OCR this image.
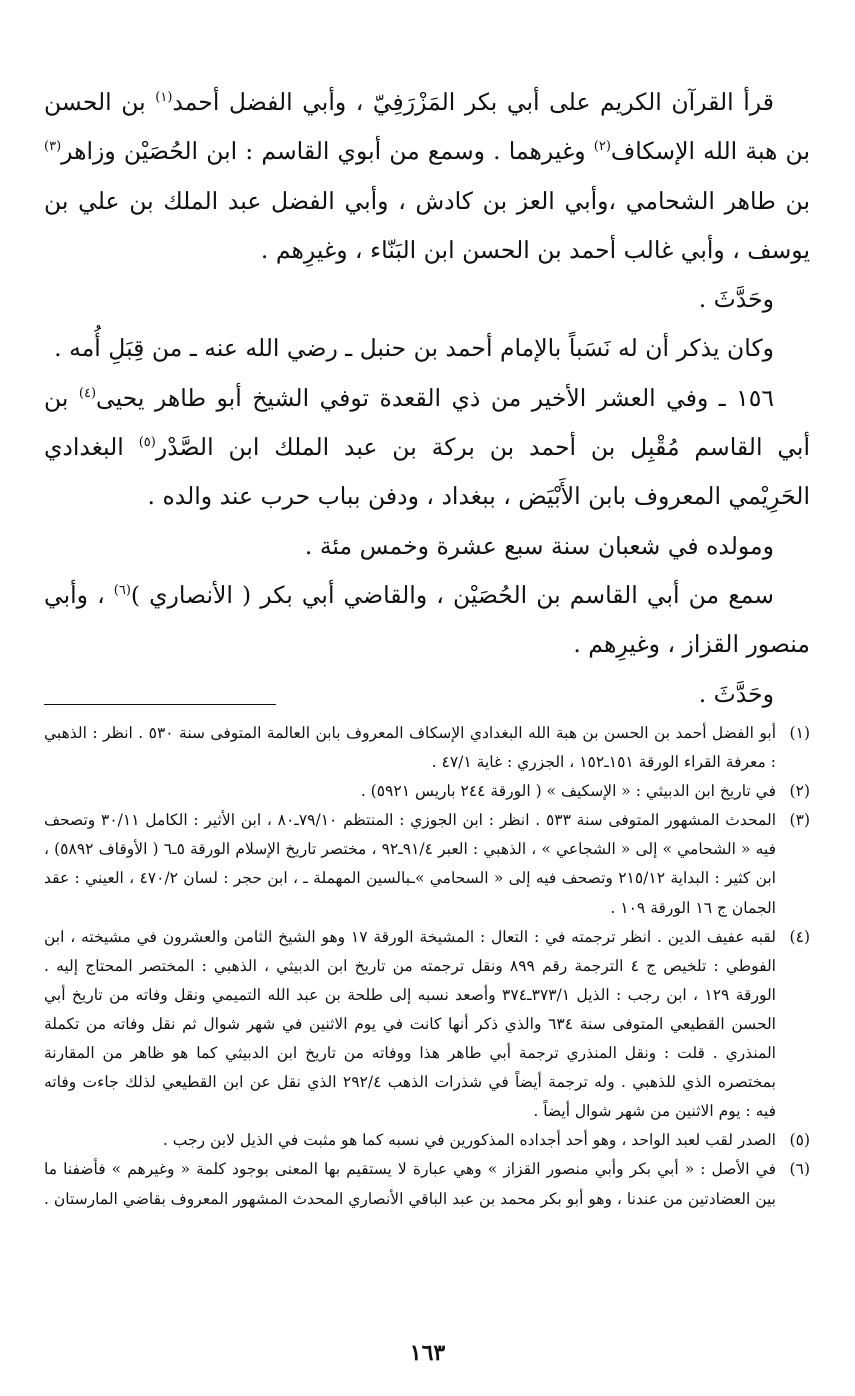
قرأ القرآن الكريم على أبي بكر المَزْرَفِيّ ، وأبي الفضل أحمد$^{(١)}$ بن الحسن بن هبة الله الإسكاف$^{(٢)}$ وغيرهما . وسمع من أبوي القاسم : ابن الحُصَيْن وزاهر$^{(٣)}$ بن طاهر الشحامي ،وأبي العز بن كادش ، وأبي الفضل عبد الملك بن علي بن يوسف ، وأبي غالب أحمد بن الحسن ابن البَنّاء ، وغيرِهم .

وحَدَّثَ .

وكان يذكر أن له نَسَباً بالإمام أحمد بن حنبل ـ رضي الله عنه ـ من قِبَلِ أُمه .

١٥٦ ـ وفي العشر الأخير من ذي القعدة توفي الشيخ أبو طاهر يحيى$^{(٤)}$ بن أبي القاسم مُقْبِل بن أحمد بن بركة بن عبد الملك ابن الصَّدْر$^{(٥)}$ البغدادي الحَرِيْمي المعروف بابن الأَبْيَض ، ببغداد ، ودفن بباب حرب عند والده .

ومولده في شعبان سنة سبع عشرة وخمس مئة .

سمع من أبي القاسم بن الحُصَيْن ، والقاضي أبي بكر ( الأنصاري )$^{(٦)}$ ، وأبي منصور القزاز ، وغيرِهم .

وحَدَّثَ .

(١)
أبو الفضل أحمد بن الحسن بن هبة الله البغدادي الإسكاف المعروف بابن العالمة المتوفى سنة ٥٣٠ . انظر : الذهبي : معرفة القراء الورقة ١٥١ـ١٥٢ ، الجزري : غاية ٤٧/١ .
(٢)
في تاريخ ابن الدبيثي : « الإسكيف » ( الورقة ٢٤٤ باريس ٥٩٢١) .
(٣)
المحدث المشهور المتوفى سنة ٥٣٣ . انظر : ابن الجوزي : المنتظم ٧٩/١٠ـ٨٠ ، ابن الأثير : الكامل ٣٠/١١ وتصحف فيه « الشحامي » إلى « الشجاعي » ، الذهبي : العبر ٩١/٤ـ٩٢ ، مختصر تاريخ الإسلام الورقة ٥ـ٦ ( الأوقاف ٥٨٩٢) ، ابن كثير : البداية ٢١٥/١٢ وتصحف فيه إلى « السحامي »ـبالسين المهملة ـ ، ابن حجر : لسان ٤٧٠/٢ ، العيني : عقد الجمان ج ١٦ الورقة ١٠٩ .
(٤)
لقبه عفيف الدين . انظر ترجمته في : التعال : المشيخة الورقة ١٧ وهو الشيخ الثامن والعشرون في مشيخته ، ابن الفوطي : تلخيص ج ٤ الترجمة رقم ٨٩٩ ونقل ترجمته من تاريخ ابن الدبيثي ، الذهبي : المختصر المحتاج إليه . الورقة ١٢٩ ، ابن رجب : الذيل ٣٧٣/١ـ٣٧٤ وأصعد نسبه إلى طلحة بن عبد الله التميمي ونقل وفاته من تاريخ أبي الحسن القطيعي المتوفى سنة ٦٣٤ والذي ذكر أنها كانت في يوم الاثنين في شهر شوال ثم نقل وفاته من تكملة المنذري . قلت : ونقل المنذري ترجمة أبي طاهر هذا ووفاته من تاريخ ابن الدبيثي كما هو ظاهر من المقارنة بمختصره الذي للذهبي . وله ترجمة أيضاً في شذرات الذهب ٢٩٢/٤ الذي نقل عن ابن القطيعي لذلك جاءت وفاته فيه : يوم الاثنين من شهر شوال أيضاً .
(٥)
الصدر لقب لعبد الواحد ، وهو أحد أجداده المذكورين في نسبه كما هو مثبت في الذيل لابن رجب .
(٦)
في الأصل : « أبي بكر وأبي منصور القزاز » وهي عبارة لا يستقيم بها المعنى بوجود كلمة « وغيرهم » فأضفنا ما بين العضادتين من عندنا ، وهو أبو بكر محمد بن عبد الباقي الأنصاري المحدث المشهور المعروف بقاضي المارستان .
١٦٣
